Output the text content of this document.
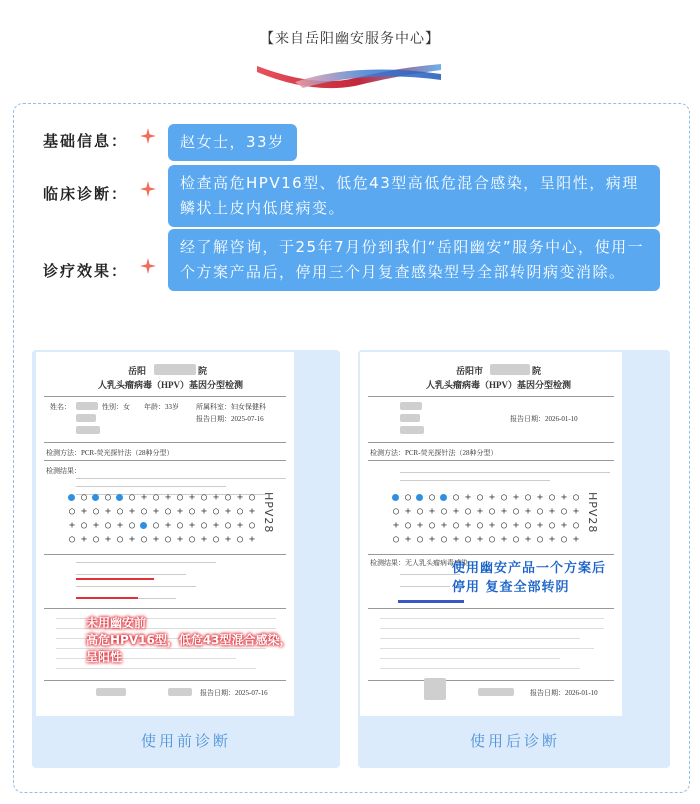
【来自岳阳幽安服务中心】
基础信息：	赵女士，33岁
临床诊断：
检查高危HPV16型、低危43型高低危混合感染，呈阳性，病理鳞状上皮内低度病变。
诊疗效果：
经了解咨询，于25年7月份到我们“岳阳幽安”服务中心，使用一个方案产品后，停用三个月复查感染型号全部转阴病变消除。
岳阳	院
人乳头瘤病毒（HPV）基因分型检测
姓名：	性别：女 年龄：33岁 所属科室：妇女保健科
报告日期：2025-07-16
检测方法：PCR-荧光探针法（28种分型）
检测结果：
○ ○ ○ + ○ + ○ + ○ + ○ + ○
○ + ○ + ○ + ○ + ○ + ○ + ○ + ○ +
+ ○ + ○ + ○ ○ + ○ + ○ + ○ + ○
○ + ○ + ○ + ○ + ○ + ○ + ○ + ○ +
HPV28
报告日期：2025-07-16
未用幽安前
高危HPV16型，低危43型混合感染，
呈阳性
使用前诊断
岳阳市	院
人乳头瘤病毒（HPV）基因分型检测
报告日期：2026-01-10
检测方法：PCR-荧光探针法（28种分型）
○ ○ ○ + ○ + ○ + ○ + ○ + ○
○ + ○ + ○ + ○ + ○ + ○ + ○ + ○ +
+ ○ + ○ + ○ + ○ + ○ + ○ + ○ + ○
○ + ○ + ○ + ○ + ○ + ○ + ○ + ○ +
HPV28
检测结果：无人乳头瘤病毒感染
报告日期：2026-01-10
使用幽安产品一个方案后
停用 复查全部转阴
使用后诊断
